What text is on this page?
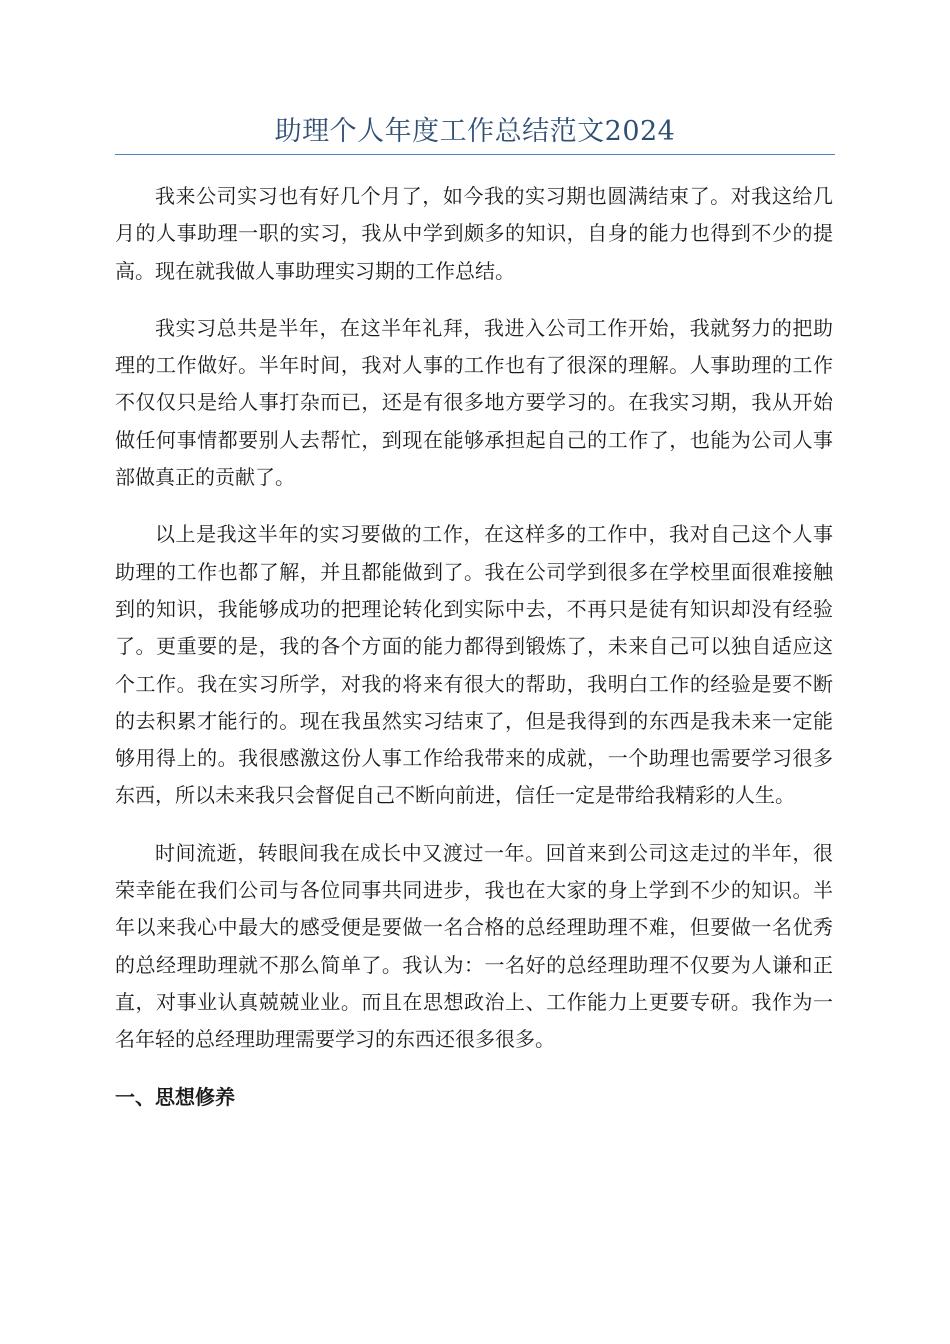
助理个人年度工作总结范文2024

我来公司实习也有好几个月了，如今我的实习期也圆满结束了。对我这给几月的人事助理一职的实习，我从中学到颇多的知识，自身的能力也得到不少的提高。现在就我做人事助理实习期的工作总结。

我实习总共是半年，在这半年礼拜，我进入公司工作开始，我就努力的把助理的工作做好。半年时间，我对人事的工作也有了很深的理解。人事助理的工作不仅仅只是给人事打杂而已，还是有很多地方要学习的。在我实习期，我从开始做任何事情都要别人去帮忙，到现在能够承担起自己的工作了，也能为公司人事部做真正的贡献了。

以上是我这半年的实习要做的工作，在这样多的工作中，我对自己这个人事助理的工作也都了解，并且都能做到了。我在公司学到很多在学校里面很难接触到的知识，我能够成功的把理论转化到实际中去，不再只是徒有知识却没有经验了。更重要的是，我的各个方面的能力都得到锻炼了，未来自己可以独自适应这个工作。我在实习所学，对我的将来有很大的帮助，我明白工作的经验是要不断的去积累才能行的。现在我虽然实习结束了，但是我得到的东西是我未来一定能够用得上的。我很感激这份人事工作给我带来的成就，一个助理也需要学习很多东西，所以未来我只会督促自己不断向前进，信任一定是带给我精彩的人生。

时间流逝，转眼间我在成长中又渡过一年。回首来到公司这走过的半年，很荣幸能在我们公司与各位同事共同进步，我也在大家的身上学到不少的知识。半年以来我心中最大的感受便是要做一名合格的总经理助理不难，但要做一名优秀的总经理助理就不那么简单了。我认为：一名好的总经理助理不仅要为人谦和正直，对事业认真兢兢业业。而且在思想政治上、工作能力上更要专研。我作为一名年轻的总经理助理需要学习的东西还很多很多。

一、思想修养
